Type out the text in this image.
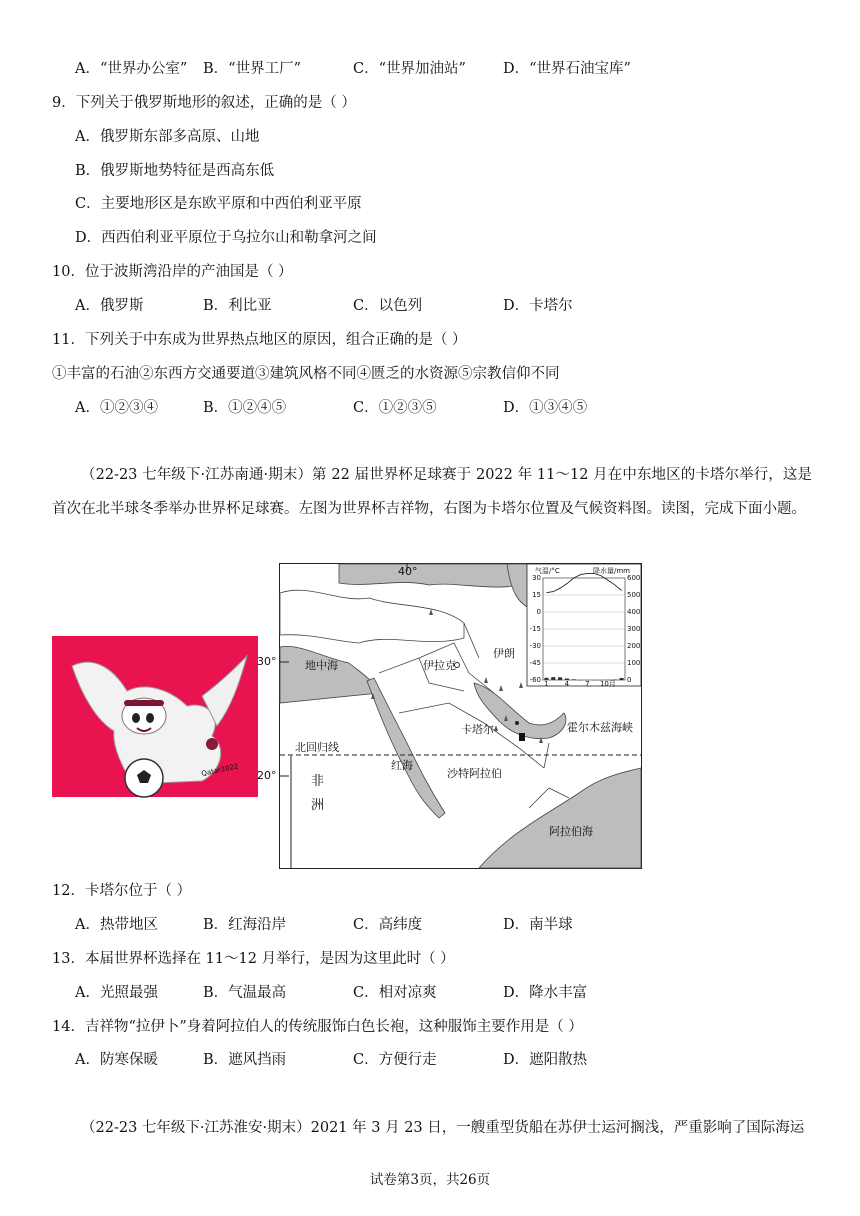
A．“世界办公室” B．“世界工厂”	C．“世界加油站”	D．“世界石油宝库”
9．下列关于俄罗斯地形的叙述，正确的是（ ）
A．俄罗斯东部多高原、山地
B．俄罗斯地势特征是西高东低
C．主要地形区是东欧平原和中西伯利亚平原
D．西西伯利亚平原位于乌拉尔山和勒拿河之间
10．位于波斯湾沿岸的产油国是（ ）
A．俄罗斯	B．利比亚	C．以色列	D．卡塔尔
11．下列关于中东成为世界热点地区的原因，组合正确的是（ ）
①丰富的石油②东西方交通要道③建筑风格不同④匮乏的水资源⑤宗教信仰不同
A．①②③④	B．①②④⑤	C．①②③⑤	D．①③④⑤
（22-23 七年级下·江苏南通·期末）第 22 届世界杯足球赛于 2022 年 11～12 月在中东地区的卡塔尔举行，这是首次在北半球冬季举办世界杯足球赛。左图为世界杯吉祥物，右图为卡塔尔位置及气候资料图。读图，完成下面小题。
Qatar2022
40°
30°
20°
地中海	伊拉克
伊朗
卡塔尔	霍尔木兹海峡
北回归线
红海
沙特阿拉伯
非
洲
阿拉伯海
气温/°C	降水量/mm
30
15
0
-15
-30
-45
-60
600
500
400
300
200
100
0
1 4 7 10月
12．卡塔尔位于（ ）
A．热带地区	B．红海沿岸	C．高纬度	D．南半球
13．本届世界杯选择在 11～12 月举行，是因为这里此时（ ）
A．光照最强	B．气温最高	C．相对凉爽	D．降水丰富
14．吉祥物“拉伊卜”身着阿拉伯人的传统服饰白色长袍，这种服饰主要作用是（ ）
A．防寒保暖	B．遮风挡雨	C．方便行走	D．遮阳散热
（22-23 七年级下·江苏淮安·期末）2021 年 3 月 23 日，一艘重型货船在苏伊士运河搁浅，严重影响了国际海运
试卷第3页，共26页
